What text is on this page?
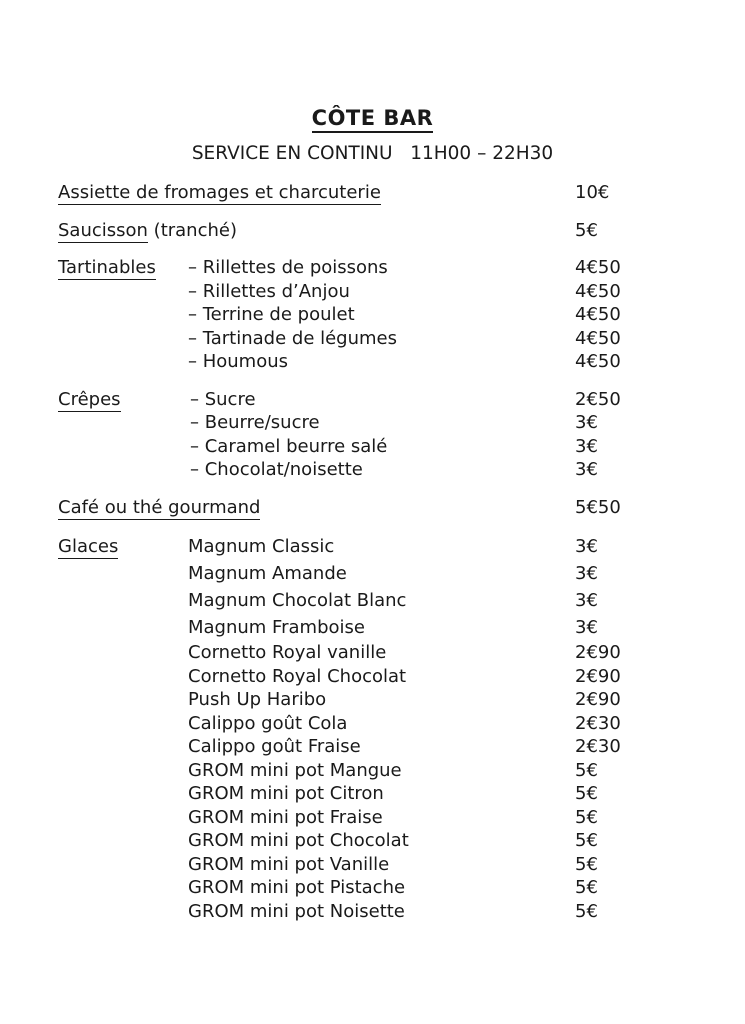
CÔTE BAR
SERVICE EN CONTINU   11H00 – 22H30
Assiette de fromages et charcuterie	10€
Saucisson (tranché)	5€
Tartinables – Rillettes de poissons	4€50
– Rillettes d’Anjou	4€50
– Terrine de poulet	4€50
– Tartinade de légumes	4€50
– Houmous	4€50
Crêpes	– Sucre	2€50
– Beurre/sucre	3€
– Caramel beurre salé	3€
– Chocolat/noisette	3€
Café ou thé gourmand	5€50
Glaces	Magnum Classic	3€
Magnum Amande	3€
Magnum Chocolat Blanc	3€
Magnum Framboise	3€
Cornetto Royal vanille	2€90
Cornetto Royal Chocolat	2€90
Push Up Haribo	2€90
Calippo goût Cola	2€30
Calippo goût Fraise	2€30
GROM mini pot Mangue	5€
GROM mini pot Citron	5€
GROM mini pot Fraise	5€
GROM mini pot Chocolat	5€
GROM mini pot Vanille	5€
GROM mini pot Pistache	5€
GROM mini pot Noisette	5€
